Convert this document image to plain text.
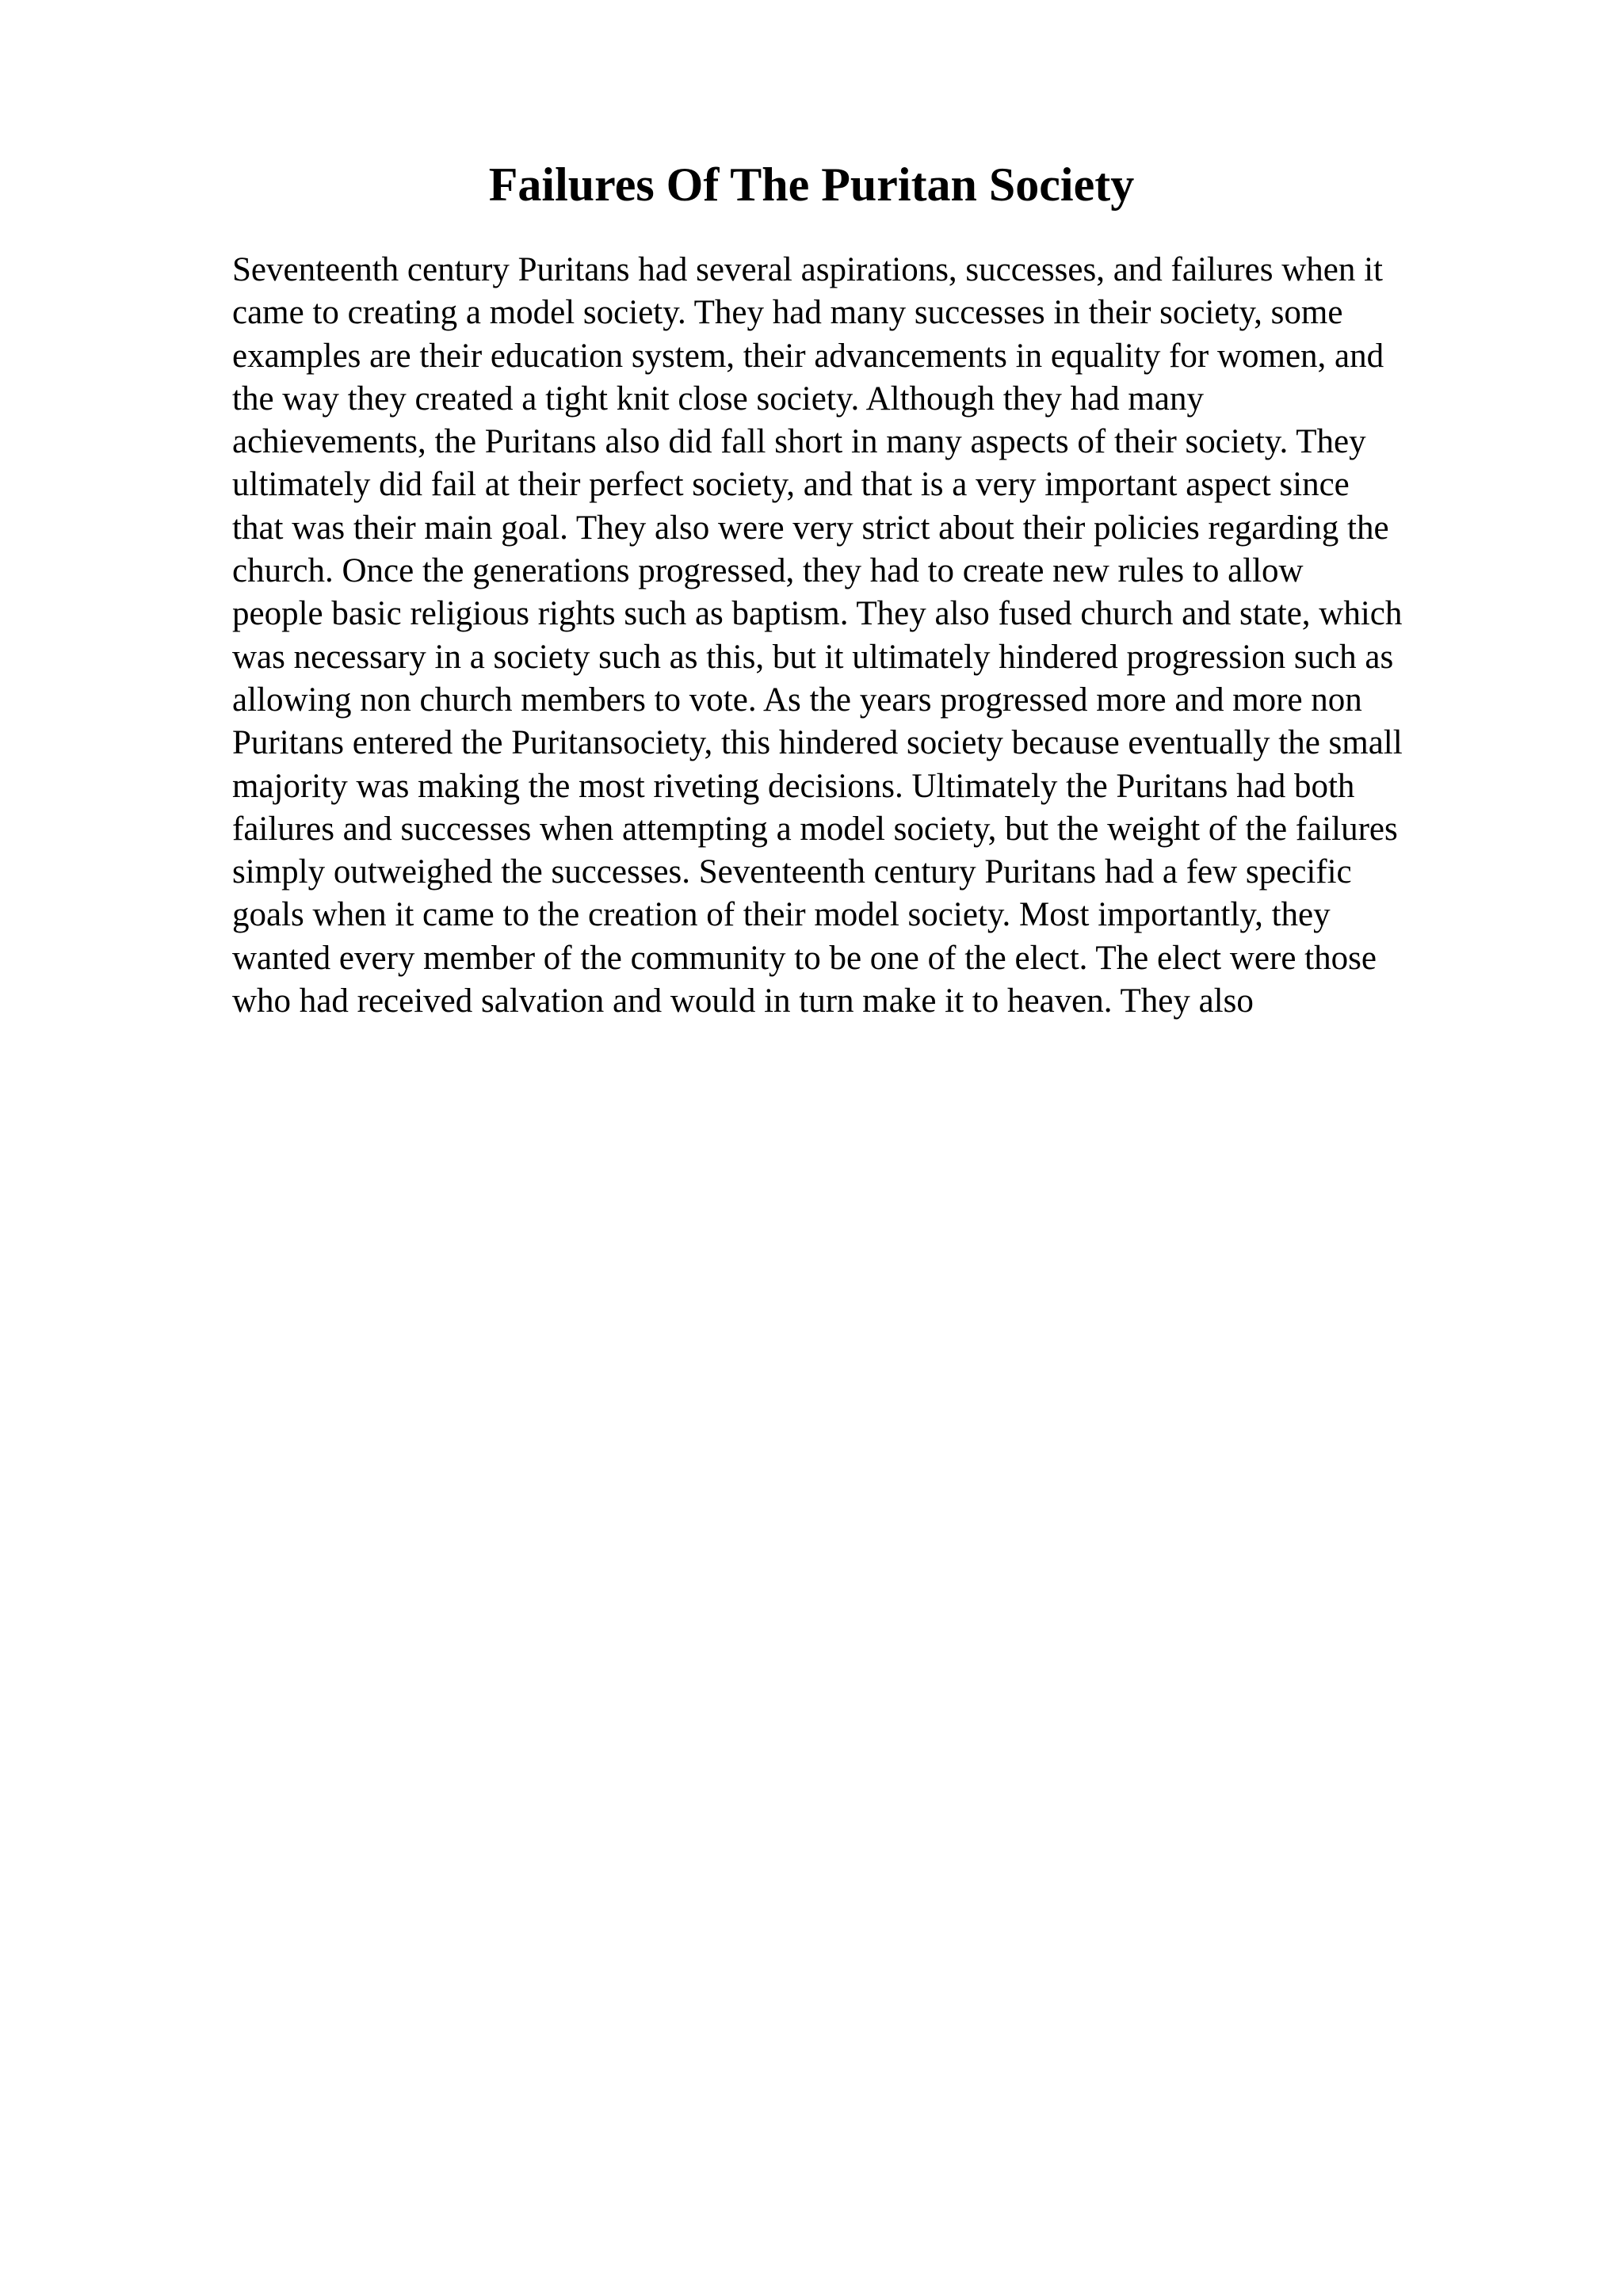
Failures Of The Puritan Society
Seventeenth century Puritans had several aspirations, successes, and failures when it
came to creating a model society. They had many successes in their society, some
examples are their education system, their advancements in equality for women, and
the way they created a tight knit close society. Although they had many
achievements, the Puritans also did fall short in many aspects of their society. They
ultimately did fail at their perfect society, and that is a very important aspect since
that was their main goal. They also were very strict about their policies regarding the
church. Once the generations progressed, they had to create new rules to allow
people basic religious rights such as baptism. They also fused church and state, which
was necessary in a society such as this, but it ultimately hindered progression such as
allowing non church members to vote. As the years progressed more and more non
Puritans entered the Puritansociety, this hindered society because eventually the small
majority was making the most riveting decisions. Ultimately the Puritans had both
failures and successes when attempting a model society, but the weight of the failures
simply outweighed the successes. Seventeenth century Puritans had a few specific
goals when it came to the creation of their model society. Most importantly, they
wanted every member of the community to be one of the elect. The elect were those
who had received salvation and would in turn make it to heaven. They also
